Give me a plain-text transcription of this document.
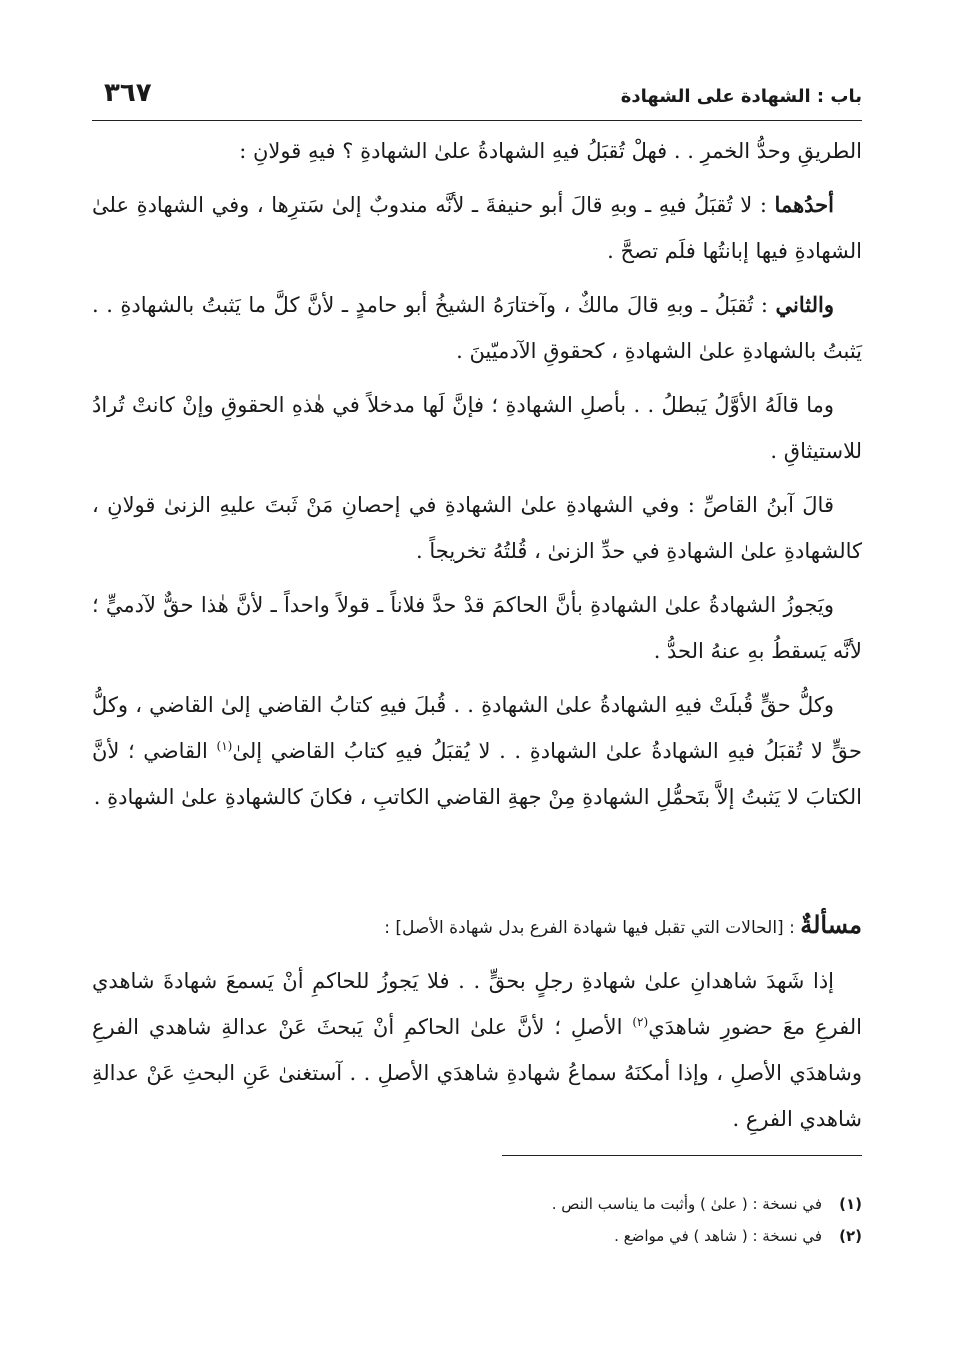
باب : الشهادة على الشهادة
٣٦٧

الطريقِ وحدُّ الخمرِ . . فهلْ تُقبَلُ فيهِ الشهادةُ علىٰ الشهادةِ ؟ فيهِ قولانِ :

أحدُهما : لا تُقبَلُ فيهِ ـ وبهِ قالَ أبو حنيفةَ ـ لأنَّه مندوبٌ إلىٰ سَترِها ، وفي الشهادةِ علىٰ الشهادةِ فيها إبانتُها فلَم تصحَّ .

والثاني : تُقبَلُ ـ وبهِ قالَ مالكٌ ، وآختارَهُ الشيخُ أبو حامدٍ ـ لأنَّ كلَّ ما يَثبتُ بالشهادةِ . . يَثبتُ بالشهادةِ علىٰ الشهادةِ ، كحقوقِ الآدميّينَ .

وما قالَهُ الأوَّلُ يَبطلُ . . بأصلِ الشهادةِ ؛ فإنَّ لَها مدخلاً في هٰذهِ الحقوقِ وإنْ كانتْ تُرادُ للاستيثاقِ .

قالَ آبنُ القاصِّ : وفي الشهادةِ علىٰ الشهادةِ في إحصانِ مَنْ ثَبتَ عليهِ الزنىٰ قولانِ ، كالشهادةِ علىٰ الشهادةِ في حدِّ الزنىٰ ، قُلتُهُ تخريجاً .

ويَجوزُ الشهادةُ علىٰ الشهادةِ بأنَّ الحاكمَ قدْ حدَّ فلاناً ـ قولاً واحداً ـ لأنَّ هٰذا حقٌّ لآدميٍّ ؛ لأنَّه يَسقطُ بهِ عنهُ الحدُّ .

وكلُّ حقٍّ قُبلَتْ فيهِ الشهادةُ علىٰ الشهادةِ . . قُبلَ فيهِ كتابُ القاضي إلىٰ القاضي ، وكلُّ حقٍّ لا تُقبَلُ فيهِ الشهادةُ علىٰ الشهادةِ . . لا يُقبَلُ فيهِ كتابُ القاضي إلىٰ$^{(١)}$ القاضي ؛ لأنَّ الكتابَ لا يَثبتُ إلاَّ بتَحمُّلِ الشهادةِ مِنْ جهةِ القاضي الكاتبِ ، فكانَ كالشهادةِ علىٰ الشهادةِ .

مسألةٌ : [الحالات التي تقبل فيها شهادة الفرع بدل شهادة الأصل] :

إذا شَهدَ شاهدانِ علىٰ شهادةِ رجلٍ بحقٍّ . . فلا يَجوزُ للحاكمِ أنْ يَسمعَ شهادةَ شاهدي الفرعِ معَ حضورِ شاهدَي$^{(٢)}$ الأصلِ ؛ لأنَّ علىٰ الحاكمِ أنْ يَبحثَ عَنْ عدالةِ شاهدي الفرعِ وشاهدَي الأصلِ ، وإذا أمكنَهُ سماعُ شهادةِ شاهدَي الأصلِ . . آستغنىٰ عَنِ البحثِ عَنْ عدالةِ شاهدي الفرعِ .

(١)في نسخة : ( علىٰ ) وأثبت ما يناسب النص .
(٢)في نسخة : ( شاهد ) في مواضع .
